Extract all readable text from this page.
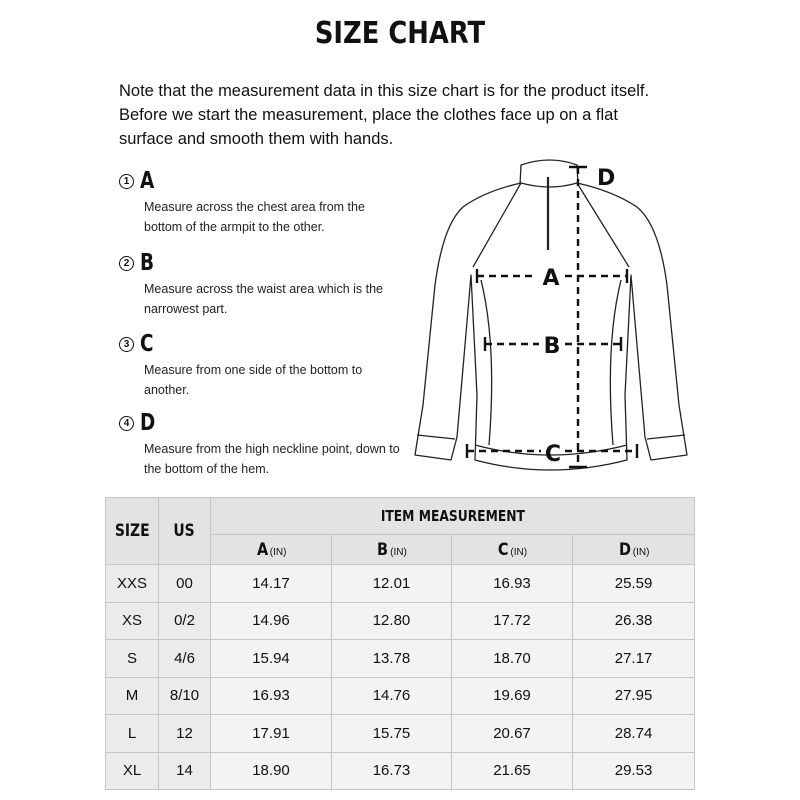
SIZE CHART

Note that the measurement data in this size chart is for the product itself.

Before we start the measurement, place the clothes face up on a flat

surface and smooth them with hands.

1 A
Measure across the chest area from the bottom of the armpit to the other.
2 B
Measure across the waist area which is the narrowest part.
3 C
Measure from one side of the bottom to another.
4 D
Measure from the high neckline point, down to the bottom of the hem.
A
B
C
D
SIZE	US	ITEM MEASUREMENT			
		A (IN)	B (IN)	C (IN)	D (IN)
XXS	00	14.17	12.01	16.93	25.59
XS	0/2	14.96	12.80	17.72	26.38
S	4/6	15.94	13.78	18.70	27.17
M	8/10	16.93	14.76	19.69	27.95
L	12	17.91	15.75	20.67	28.74
XL	14	18.90	16.73	21.65	29.53
